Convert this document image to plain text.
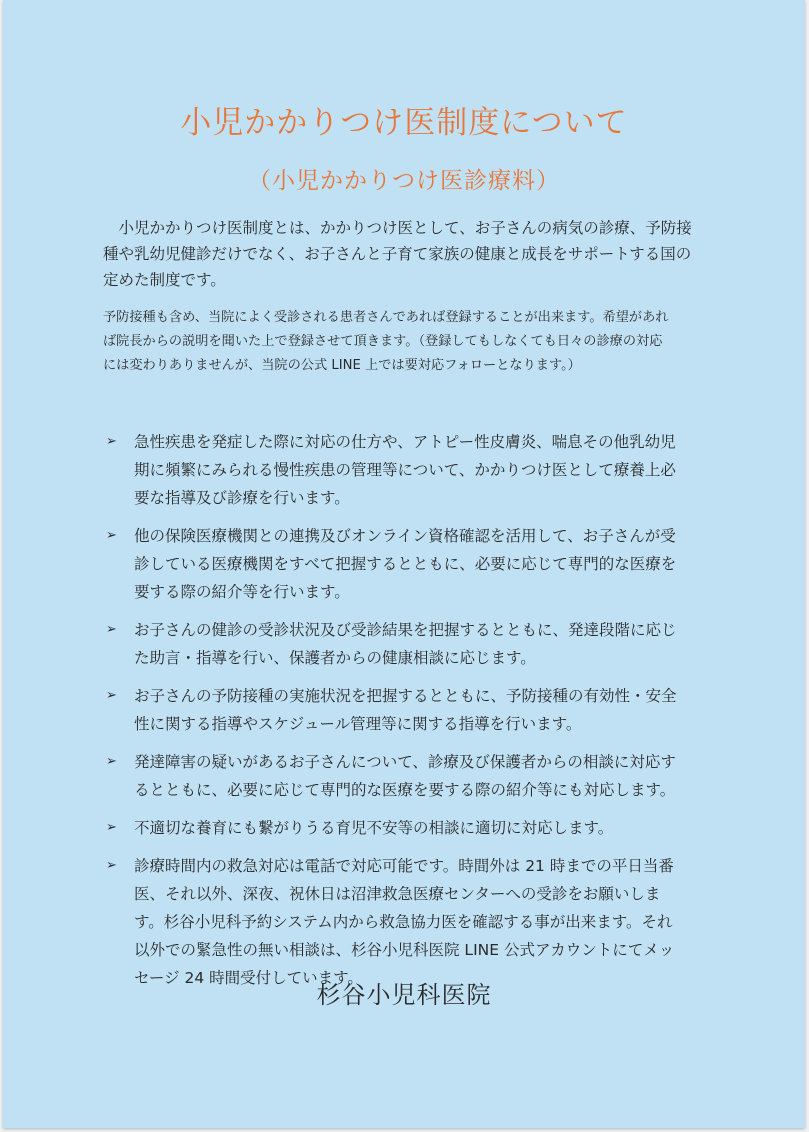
小児かかりつけ医制度について
（小児かかりつけ医診療料）

　小児かかりつけ医制度とは、かかりつけ医として、お子さんの病気の診療、予防接
種や乳幼児健診だけでなく、お子さんと子育て家族の健康と成長をサポートする国の
定めた制度です。

予防接種も含め、当院によく受診される患者さんであれば登録することが出来ます。希望があれ
ば院長からの説明を聞いた上で登録させて頂きます。（登録してもしなくても日々の診療の対応
には変わりありませんが、当院の公式 LINE 上では要対応フォローとなります。）

➢ 急性疾患を発症した際に対応の仕方や、アトピー性皮膚炎、喘息その他乳幼児
期に頻繁にみられる慢性疾患の管理等について、かかりつけ医として療養上必
要な指導及び診療を行います。
➢ 他の保険医療機関との連携及びオンライン資格確認を活用して、お子さんが受
診している医療機関をすべて把握するとともに、必要に応じて専門的な医療を
要する際の紹介等を行います。
➢ お子さんの健診の受診状況及び受診結果を把握するとともに、発達段階に応じ
た助言・指導を行い、保護者からの健康相談に応じます。
➢ お子さんの予防接種の実施状況を把握するとともに、予防接種の有効性・安全
性に関する指導やスケジュール管理等に関する指導を行います。
➢ 発達障害の疑いがあるお子さんについて、診療及び保護者からの相談に対応す
るとともに、必要に応じて専門的な医療を要する際の紹介等にも対応します。
➢ 不適切な養育にも繋がりうる育児不安等の相談に適切に対応します。
➢ 診療時間内の救急対応は電話で対応可能です。時間外は 21 時までの平日当番
医、それ以外、深夜、祝休日は沼津救急医療センターへの受診をお願いしま
す。杉谷小児科予約システム内から救急協力医を確認する事が出来ます。それ
以外での緊急性の無い相談は、杉谷小児科医院 LINE 公式アカウントにてメッ
セージ 24 時間受付しています。
杉谷小児科医院
